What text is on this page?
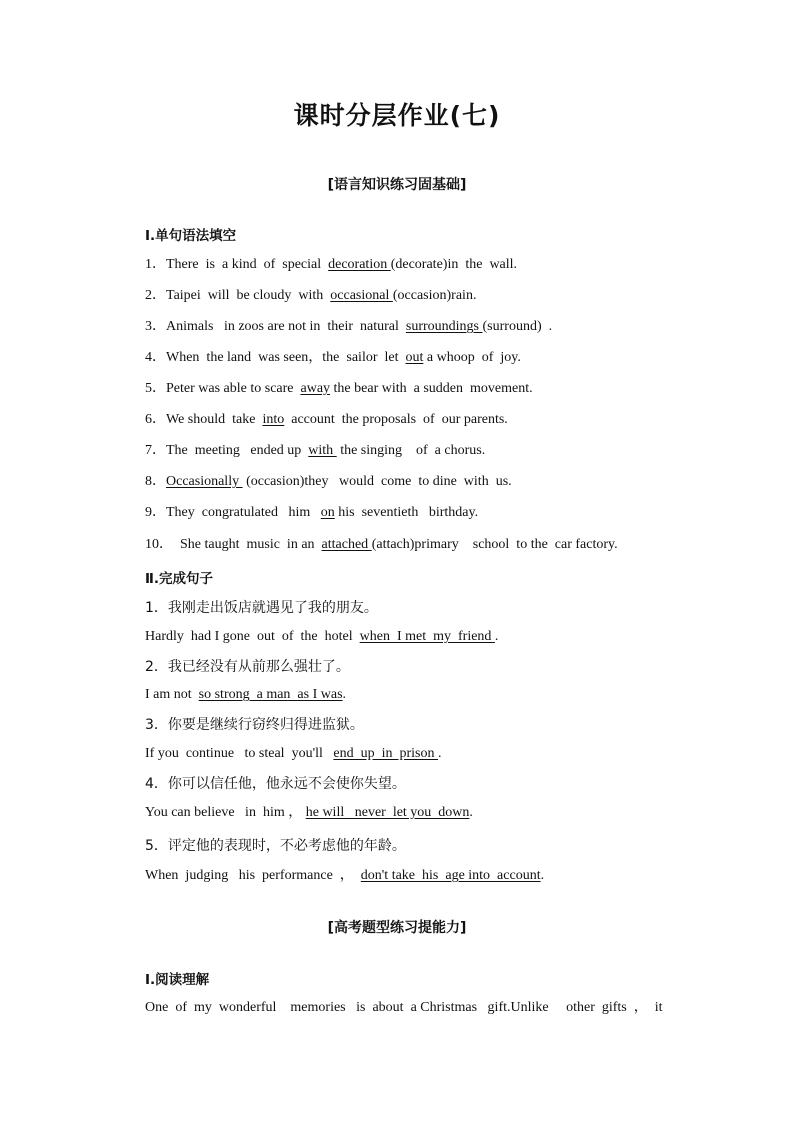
课时分层作业(七)
[语言知识练习固基础]
Ⅰ.单句语法填空
1．There  is  a kind  of  special  decoration (decorate)in  the  wall.
2．Taipei  will  be cloudy  with  occasional (occasion)rain.
3．Animals   in zoos are not in  their  natural  surroundings (surround)  .
4．When  the land  was seen，the  sailor  let  out a whoop  of  joy.
5．Peter was able to scare  away the bear with  a sudden  movement.
6．We should  take  into  account  the proposals  of  our parents.
7．The  meeting   ended up  with  the singing    of  a chorus.
8．Occasionally  (occasion)they   would  come  to dine  with  us.
9．They  congratulated   him   on his  seventieth   birthday.
10．  She taught  music  in an  attached (attach)primary    school  to the  car factory.
Ⅱ.完成句子
1．我刚走出饭店就遇见了我的朋友。
Hardly  had I gone  out  of  the  hotel  when  I met  my  friend .
2．我已经没有从前那么强壮了。
I am not  so strong  a man  as I was.
3．你要是继续行窃终归得进监狱。
If you  continue   to steal  you'll   end  up  in  prison .
4．你可以信任他，他永远不会使你失望。
You can believe   in  him ， he will   never  let you  down.
5．评定他的表现时，不必考虑他的年龄。
When  judging   his  performance  ，  don't take  his  age into  account.
[高考题型练习提能力]
Ⅰ.阅读理解
One  of  my  wonderful    memories   is  about  a Christmas   gift.Unlike     other  gifts  ，  it
